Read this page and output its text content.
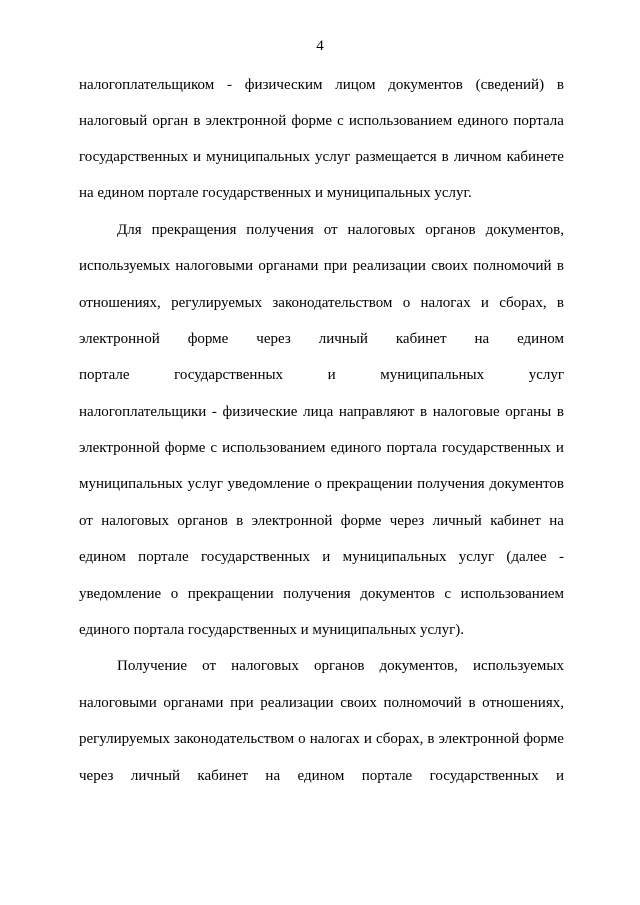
4
налогоплательщиком - физическим лицом документов (сведений) в
налоговый орган в электронной форме с использованием единого портала
государственных и муниципальных услуг размещается в личном кабинете
на едином портале государственных и муниципальных услуг.
Для прекращения получения от налоговых органов документов,
используемых налоговыми органами при реализации своих полномочий в
отношениях, регулируемых законодательством о налогах и сборах, в
электронной форме через личный кабинет на едином
портале	государственных	и	муниципальных	услуг
налогоплательщики - физические лица направляют в налоговые органы в
электронной форме с использованием единого портала государственных и
муниципальных услуг уведомление о прекращении получения документов
от налоговых органов в электронной форме через личный кабинет на
едином портале государственных и муниципальных услуг (далее -
уведомление о прекращении получения документов с использованием
единого портала государственных и муниципальных услуг).
Получение от налоговых органов документов, используемых
налоговыми органами при реализации своих полномочий в отношениях,
регулируемых законодательством о налогах и сборах, в электронной форме
через личный кабинет на едином портале государственных и
